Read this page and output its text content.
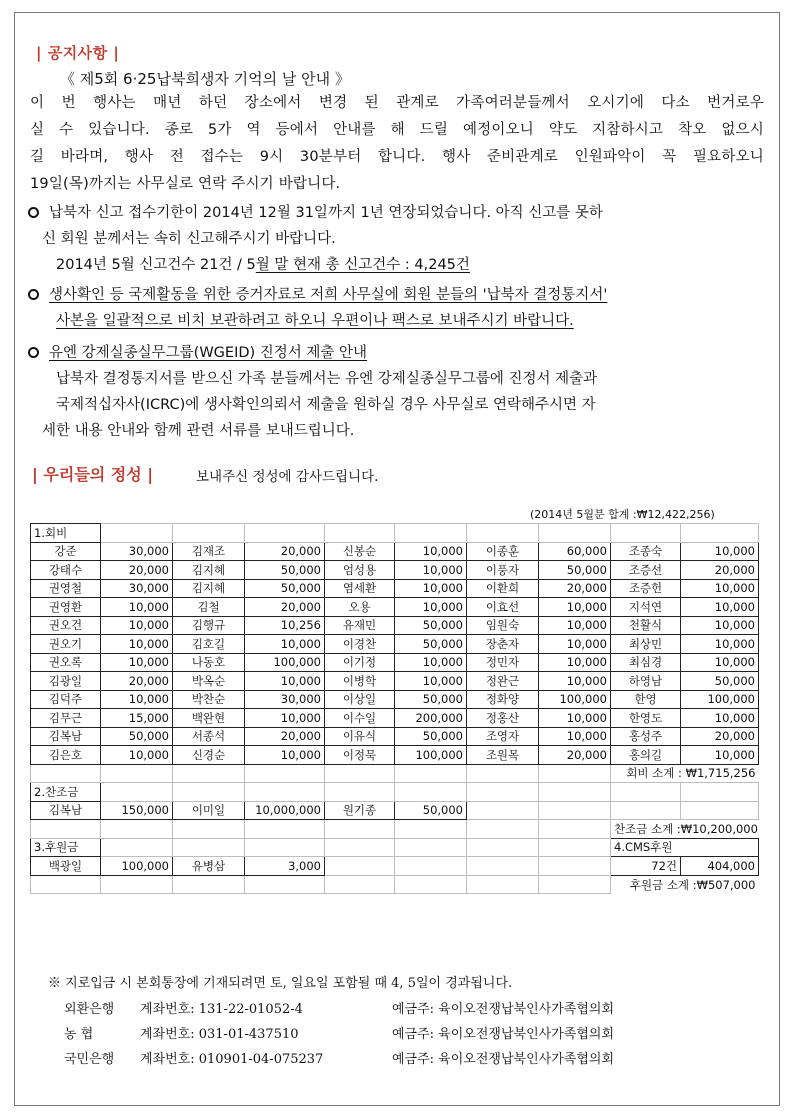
| 공지사항 |
《 제5회 6·25납북희생자 기억의 날 안내 》
이 번 행사는 매년 하던 장소에서 변경 된 관계로 가족여러분들께서 오시기에 다소 번거로우
실 수 있습니다. 종로 5가 역 등에서 안내를 해 드릴 예정이오니 약도 지참하시고 착오 없으시
길 바라며, 행사 전 접수는 9시 30분부터 합니다. 행사 준비관계로 인원파악이 꼭 필요하오니
19일(목)까지는 사무실로 연락 주시기 바랍니다.
납북자 신고 접수기한이 2014년 12월 31일까지 1년 연장되었습니다. 아직 신고를 못하
신 회원 분께서는 속히 신고해주시기 바랍니다.
2014년 5월 신고건수 21건 / 5월 말 현재 총 신고건수 : 4,245건
생사확인 등 국제활동을 위한 증거자료로 저희 사무실에 회원 분들의 '납북자 결정통지서'
사본을 일괄적으로 비치 보관하려고 하오니 우편이나 팩스로 보내주시기 바랍니다.
유엔 강제실종실무그룹(WGEID) 진정서 제출 안내
납북자 결정통지서를 받으신 가족 분들께서는 유엔 강제실종실무그룹에 진정서 제출과
국제적십자사(ICRC)에 생사확인의뢰서 제출을 원하실 경우 사무실로 연락해주시면 자
세한 내용 안내와 함께 관련 서류를 보내드립니다.
| 우리들의 정성 |	보내주신 정성에 감사드립니다.
(2014년 5월분 합계 :₩12,422,256)
1.회비									
강준	30,000	김재조	20,000	신봉순	10,000	이종훈	60,000	조종숙	10,000
강태수	20,000	김지혜	50,000	엄성용	10,000	이풍자	50,000	조증선	20,000
권영철	30,000	김지혜	50,000	염세환	10,000	이환희	20,000	조증헌	10,000
권영환	10,000	김철	20,000	오용	10,000	이효선	10,000	지석연	10,000
권오건	10,000	김행규	10,256	유재민	50,000	임원숙	10,000	천활식	10,000
권오기	10,000	김호길	10,000	이경찬	50,000	장춘자	10,000	최상민	10,000
권오록	10,000	나동호	100,000	이기정	10,000	정민자	10,000	최심경	10,000
김광일	20,000	박옥순	10,000	이병학	10,000	정완근	10,000	하영남	50,000
김덕주	10,000	박찬순	30,000	이상일	50,000	정화양	100,000	한영	100,000
김무근	15,000	백완현	10,000	이수일	200,000	정홍산	10,000	한영도	10,000
김복남	50,000	서종석	20,000	이유식	50,000	조영자	10,000	홍성주	20,000
김은호	10,000	신경순	10,000	이정묵	100,000	조원목	20,000	홍의길	10,000
								회비 소계 : ₩1,715,256	
2.찬조금									
김복남	150,000	이미일	10,000,000	원기종	50,000				
								찬조금 소계 :₩10,200,000	
3.후원금								4.CMS후원	
백광일	100,000	유병삼	3,000					72건	404,000
								후원금 소계 :₩507,000	
※ 지로입금 시 본회통장에 기재되려면 토, 일요일 포함될 때 4, 5일이 경과됩니다.
외환은행 계좌번호: 131-22-01052-4	예금주: 육이오전쟁납북인사가족협의회
농 협	계좌번호: 031-01-437510	예금주: 육이오전쟁납북인사가족협의회
국민은행 계좌번호: 010901-04-075237	예금주: 육이오전쟁납북인사가족협의회
